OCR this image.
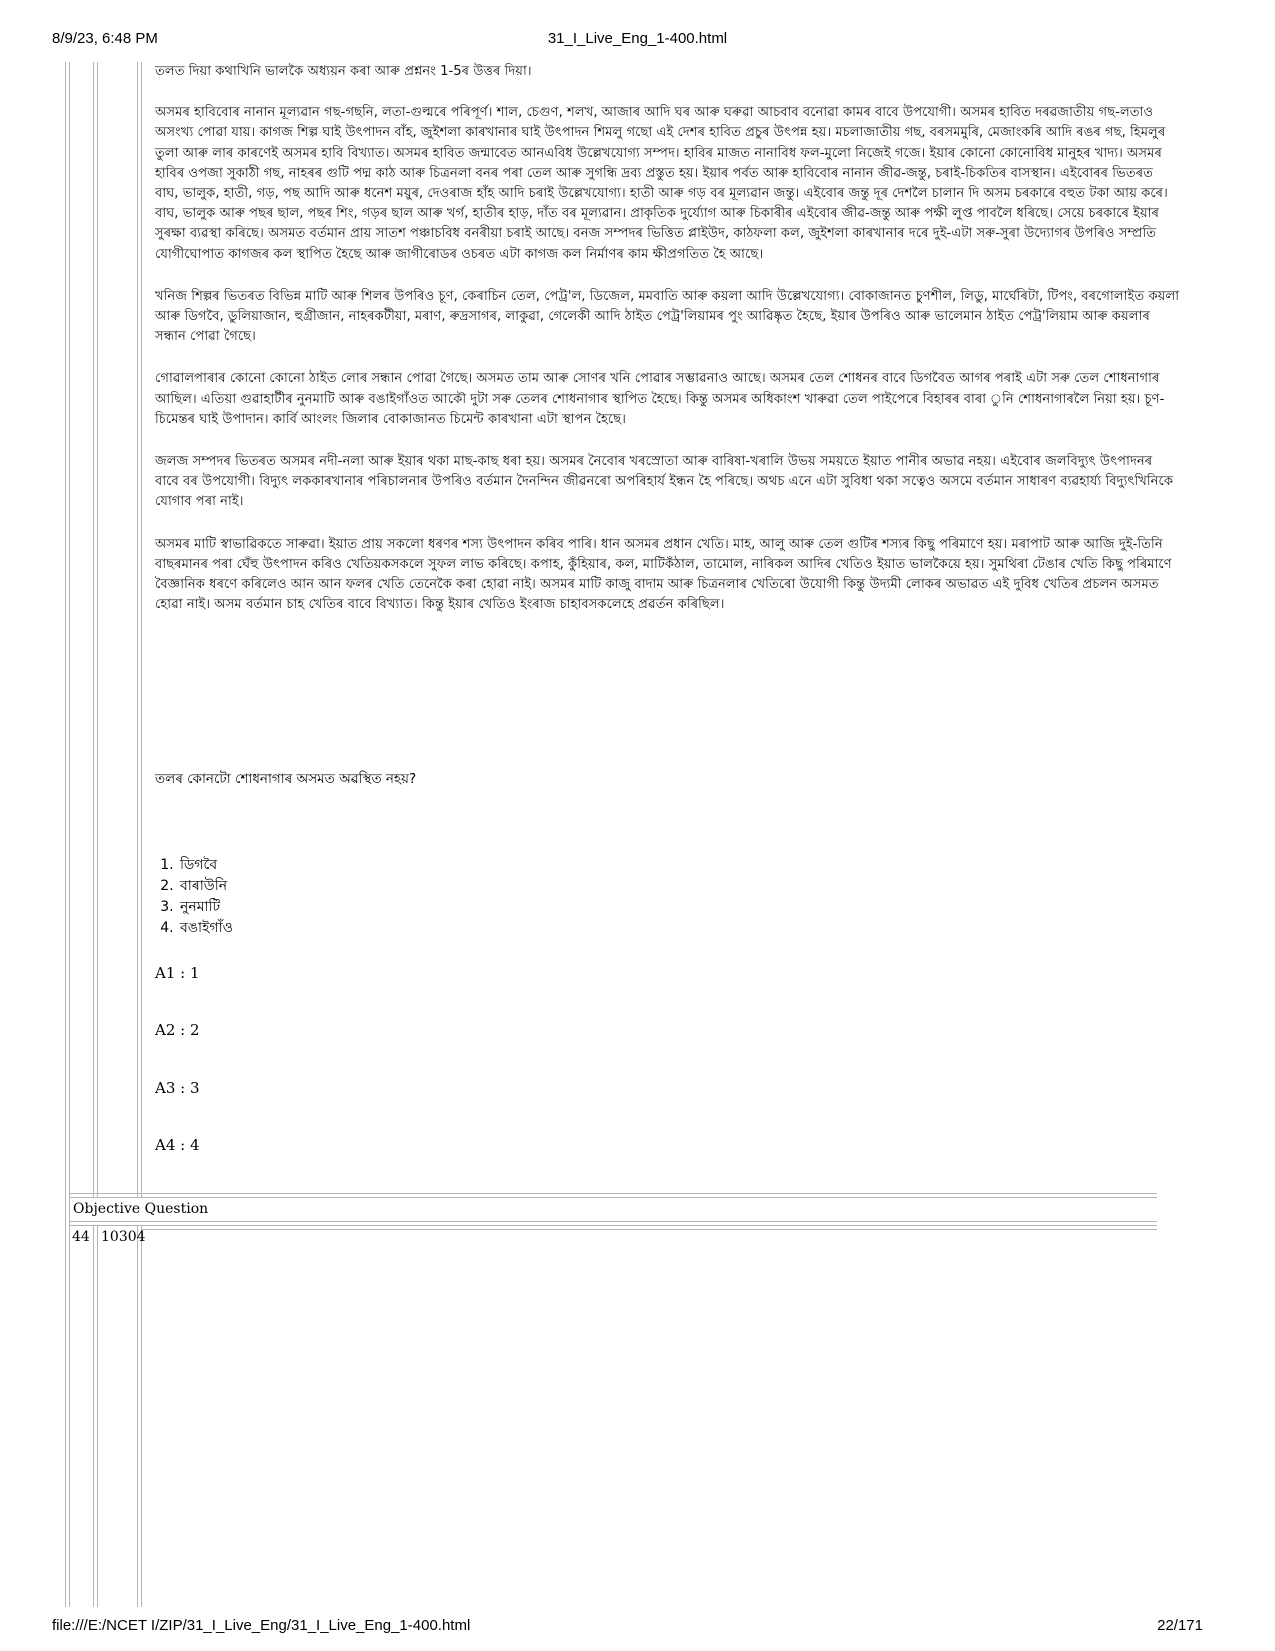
8/9/23, 6:48 PM	31_I_Live_Eng_1-400.html

তলত দিয়া কথাখিনি ভালকৈ অধ্যয়ন কৰা আৰু প্ৰশ্ননং 1-5ৰ উত্তৰ দিয়া।

অসমৰ হাবিবোৰ নানান মূল্যৱান গছ-গছনি, লতা-গুল্মৰে পৰিপূৰ্ণ। শাল, চেগুণ, শলখ, আজাৰ আদি ঘৰ আৰু ঘৰুৱা আচবাব বনোৱা কামৰ বাবে উপযোগী। অসমৰ হাবিত দৰৱজাতীয় গছ-লতাও অসংখ্য পোৱা যায়। কাগজ শিল্প ঘাই উৎপাদন বাঁহ, জুইশলা কাৰখানাৰ ঘাই উৎপাদন শিমলু গছো এই দেশৰ হাবিত প্ৰচুৰ উৎপন্ন হয়। মচলাজাতীয় গছ, বৰসমমুৰি, মেজাংকৰি আদি ৰঙৰ গছ, হিমলুৰ তুলা আৰু লাৰ কাৰণেই অসমৰ হাবি বিখ্যাত। অসমৰ হাবিত জন্মাবেত আনএবিধ উল্লেখযোগ্য সম্পদ। হাবিৰ মাজত নানাবিধ ফল-মুলো নিজেই গজে। ইয়াৰ কোনো কোনোবিধ মানুহৰ খাদ্য। অসমৰ হাবিৰ ওপজা সুকাঠী গছ, নাহৰৰ গুটি পদ্ম কাঠ আৰু চিত্ৰনলা বনৰ পৰা তেল আৰু সুগন্ধি দ্ৰব্য প্ৰস্তুত হয়। ইয়াৰ পৰ্বত আৰু হাবিবোৰ নানান জীৱ-জন্তু, চৰাই-চিকতিৰ বাসস্থান। এইবোৰৰ ভিতৰত বাঘ, ভালুক, হাতী, গড়, পছ আদি আৰু ধনেশ ময়ুৰ, দেওৰাজ হাঁহ আদি চৰাই উল্লেখযোগ্য। হাতী আৰু গড় বৰ মূল্যৱান জন্তু। এইবোৰ জন্তু দূৰ দেশলৈ চালান দি অসম চৰকাৰে বহুত টকা আয় কৰে। বাঘ, ভালুক আৰু পছৰ ছাল, পছৰ শিং, গড়ৰ ছাল আৰু খৰ্গ, হাতীৰ হাড়, দাঁত বৰ মূল্যৱান। প্ৰাকৃতিক দুৰ্য্যোগ আৰু চিকাৰীৰ এইবোৰ জীৱ-জন্তু আৰু পক্ষী লুপ্ত পাবলৈ ধৰিছে। সেয়ে চৰকাৰে ইয়াৰ সুৰক্ষা ব্যৱস্থা কৰিছে। অসমত বৰ্তমান প্ৰায় সাতশ পঞ্চাচবিধ বনৰীয়া চৰাই আছে। বনজ সম্পদৰ ভিত্তিত প্লাইউদ, কাঠফলা কল, জুইশলা কাৰখানাৰ দৰে দুই-এটা সৰু-সুৰা উদ্যোগৰ উপৰিও সম্প্ৰতি যোগীঘোপাত কাগজৰ কল স্থাপিত হৈছে আৰু জাগীৰোডৰ ওচৰত এটা কাগজ কল নিৰ্মাণৰ কাম ক্ষীপ্ৰগতিত হৈ আছে।

খনিজ শিল্পৰ ভিতৰত বিভিন্ন মাটি আৰু শিলৰ উপৰিও চূণ, কেৰাচিন তেল, পেট্ৰ'ল, ডিজেল, মমবাতি আৰু কয়লা আদি উল্লেখযোগ্য। বোকাজানত চুণশীল, লিডু, মাৰ্ঘেৰিটা, টিপং, বৰগোলাইত কয়লা আৰু ডিগবৈ, ডুলিয়াজান, হুগ্ৰীজান, নাহৰকটীয়া, মৰাণ, ৰুদ্ৰসাগৰ, লাকুৱা, গেলেকী আদি ঠাইত পেট্ৰ'লিয়ামৰ পুং আৱিষ্কৃত হৈছে, ইয়াৰ উপৰিও আৰু ভালেমান ঠাইত পেট্ৰ'লিয়াম আৰু কয়লাৰ সন্ধান পোৱা গৈছে।

গোৱালপাৰাৰ কোনো কোনো ঠাইত লোৰ সন্ধান পোৱা গৈছে। অসমত তাম আৰু সোণৰ খনি পোৱাৰ সম্ভাৱনাও আছে। অসমৰ তেল শোধনৰ বাবে ডিগবৈত আগৰ পৰাই এটা সৰু তেল শোধনাগাৰ আছিল। এতিয়া গুৱাহাটীৰ নুনমাটি আৰু বঙাইগাঁওত আকৌ দুটা সৰু তেলৰ শোধনাগাৰ স্থাপিত হৈছে। কিন্তু অসমৰ অধিকাংশ খাৰুৱা তেল পাইপেৰে বিহাৰৰ বাৰা ুনি শোধনাগাৰলৈ নিয়া হয়। চূণ-চিমেন্তৰ ঘাই উপাদান। কাৰ্বি আংলং জিলাৰ বোকাজানত চিমেন্ট কাৰখানা এটা স্থাপন হৈছে।

জলজ সম্পদৰ ভিতৰত অসমৰ নদী-নলা আৰু ইয়াৰ থকা মাছ-কাছ ধৰা হয়। অসমৰ নৈবোৰ খৰস্ৰোতা আৰু বাৰিষা-খৰালি উভয় সময়তে ইয়াত পানীৰ অভাৱ নহয়। এইবোৰ জলবিদ্যুৎ উৎপাদনৰ বাবে বৰ উপযোগী। বিদ্যুৎ লককাৰখানাৰ পৰিচালনাৰ উপৰিও বৰ্তমান দৈনন্দিন জীৱনৰো অপৰিহাৰ্য ইন্ধন হৈ পৰিছে। অথচ এনে এটা সুবিধা থকা সত্বেও অসমে বৰ্তমান সাধাৰণ ব্যৱহাৰ্য্য বিদ্যুৎখিনিকে যোগাব পৰা নাই।

অসমৰ মাটি স্বাভাৱিকতে সাৰুৱা। ইয়াত প্ৰায় সকলো ধৰণৰ শস্য উৎপাদন কৰিব পাৰি। ধান অসমৰ প্ৰধান খেতি। মাহ, আলু আৰু তেল গুটিৰ শস্যৰ কিছু পৰিমাণে হয়। মৰাপাট আৰু আজি দুই-তিনি বাছৰমানৰ পৰা ঘেঁহু উৎপাদন কৰিও খেতিয়কসকলে সুফল লাভ কৰিছে। কপাহ, কুঁহিয়াৰ, কল, মাটিকঁঠাল, তামোল, নাৰিকল আদিৰ খেতিও ইয়াত ভালকৈয়ে হয়। সুমথিৰা টেঙাৰ খেতি কিছু পৰিমাণে বৈজ্ঞানিক ধৰণে কৰিলেও আন আন ফলৰ খেতি তেনেকৈ কৰা হোৱা নাই। অসমৰ মাটি কাজু বাদাম আৰু চিত্ৰনলাৰ খেতিৰো উযোগী কিন্তু উদ্যমী লোকৰ অভাৱত এই দুবিধ খেতিৰ প্ৰচলন অসমত হোৱা নাই। অসম বৰ্তমান চাহ খেতিৰ বাবে বিখ্যাত। কিন্তু ইয়াৰ খেতিও ইংৰাজ চাহাবসকলেহে প্ৰৱৰ্তন কৰিছিল।

তলৰ কোনটো শোধনাগাৰ অসমত অৱস্থিত নহয়?
1. ডিগবৈ
2. বাৰাউনি
3. নুনমাটি
4. বঙাইগাঁও
A1 : 1
A2 : 2
A3 : 3
A4 : 4
Objective Question
44 10304
file:///E:/NCET I/ZIP/31_I_Live_Eng/31_I_Live_Eng_1-400.html	22/171
